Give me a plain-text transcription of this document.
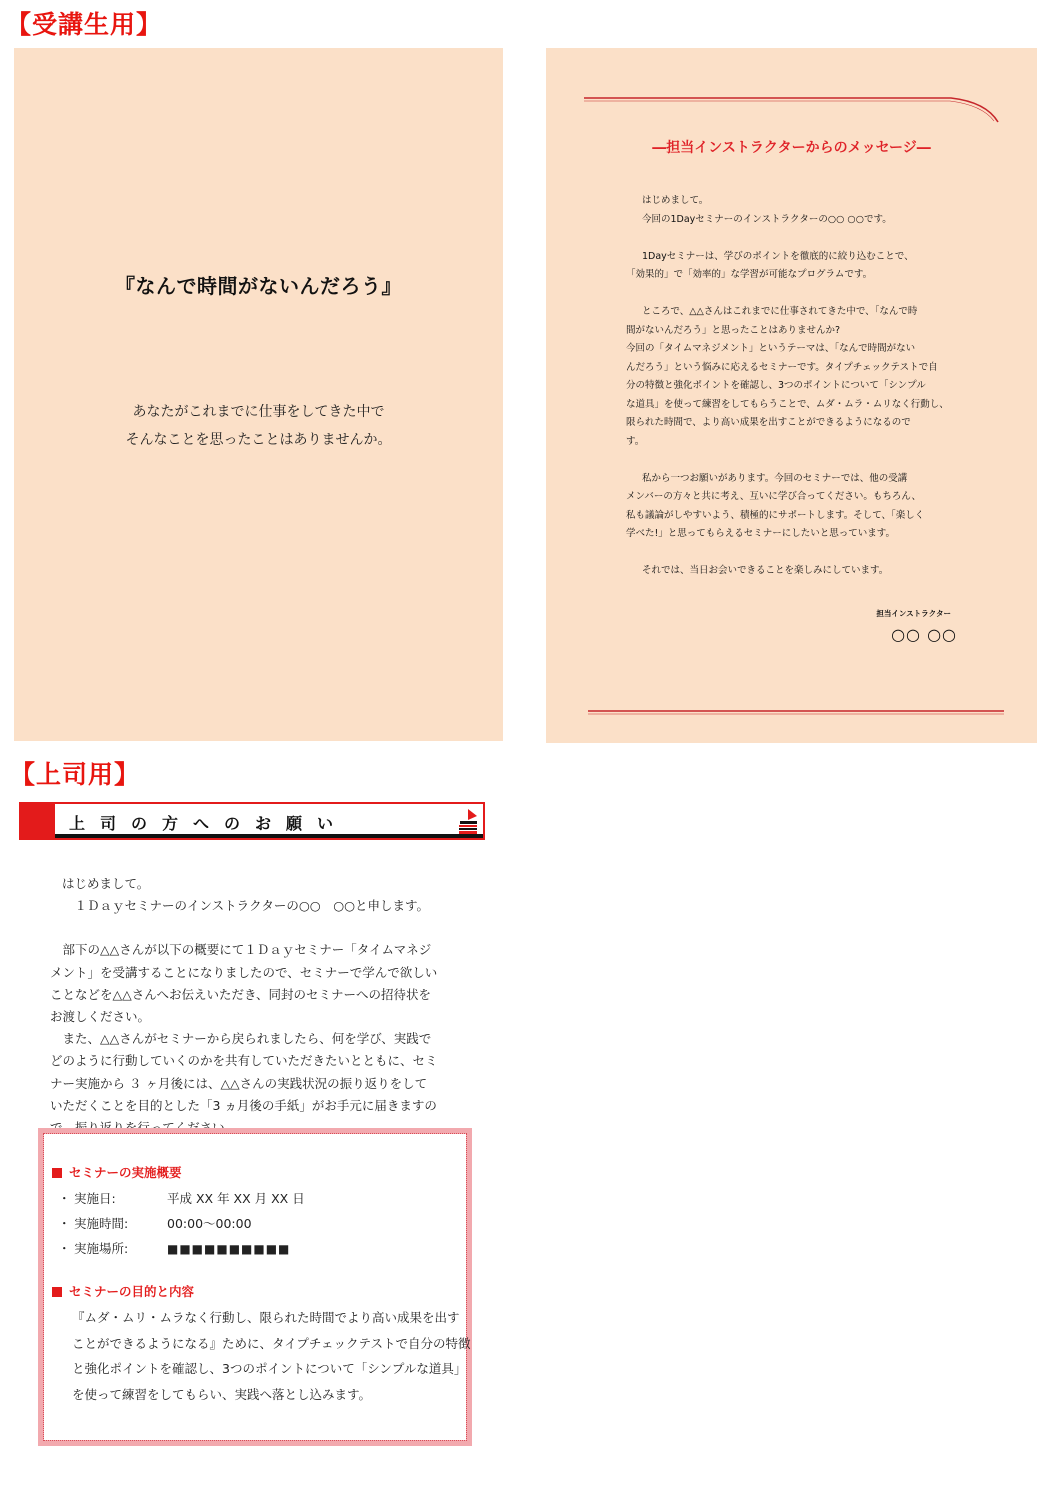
【受講生用】
『なんで時間がないんだろう』
あなたがこれまでに仕事をしてきた中で
そんなことを思ったことはありませんか。
―担当インストラクターからのメッセージ―

はじめまして。
今回の1Dayセミナーのインストラクターの○○ ○○です。

1Dayセミナーは、学びのポイントを徹底的に絞り込むことで、
「効果的」で「効率的」な学習が可能なプログラムです。

ところで、△△さんはこれまでに仕事されてきた中で、「なんで時
間がないんだろう」と思ったことはありませんか?
今回の「タイムマネジメント」というテーマは、「なんで時間がない
んだろう」という悩みに応えるセミナーです。タイプチェックテストで自
分の特徴と強化ポイントを確認し、3つのポイントについて「シンプル
な道具」を使って練習をしてもらうことで、ムダ・ムラ・ムリなく行動し、
限られた時間で、より高い成果を出すことができるようになるので
す。

私から一つお願いがあります。今回のセミナーでは、他の受講
メンバーの方々と共に考え、互いに学び合ってください。もちろん、
私も議論がしやすいよう、積極的にサポートします。そして、「楽しく
学べた!」と思ってもらえるセミナーにしたいと思っています。

それでは、当日お会いできることを楽しみにしています。

担当インストラクター
○○ ○○
【上司用】
上司の方へのお願い

はじめまして。
　１Ｄａｙセミナーのインストラクターの○○　○○と申します。

　部下の△△さんが以下の概要にて１Ｄａｙセミナー「タイムマネジ
メント」を受講することになりましたので、セミナーで学んで欲しい
ことなどを△△さんへお伝えいただき、同封のセミナーへの招待状を
お渡しください。
　また、△△さんがセミナーから戻られましたら、何を学び、実践で
どのように行動していくのかを共有していただきたいとともに、セミ
ナー実施から ３ ヶ月後には、△△さんの実践状況の振り返りをして
いただくことを目的とした「3 ヵ月後の手紙」がお手元に届きますの

セミナーの実施概要
・ 実施日:	平成 XX 年 XX 月 XX 日
・ 実施時間:	00:00～00:00
・ 実施場所:	■■■■■■■■■■
セミナーの目的と内容
『ムダ・ムリ・ムラなく行動し、限られた時間でより高い成果を出す
ことができるようになる』ために、タイプチェックテストで自分の特徴
と強化ポイントを確認し、3つのポイントについて「シンプルな道具」
を使って練習をしてもらい、実践へ落とし込みます。
